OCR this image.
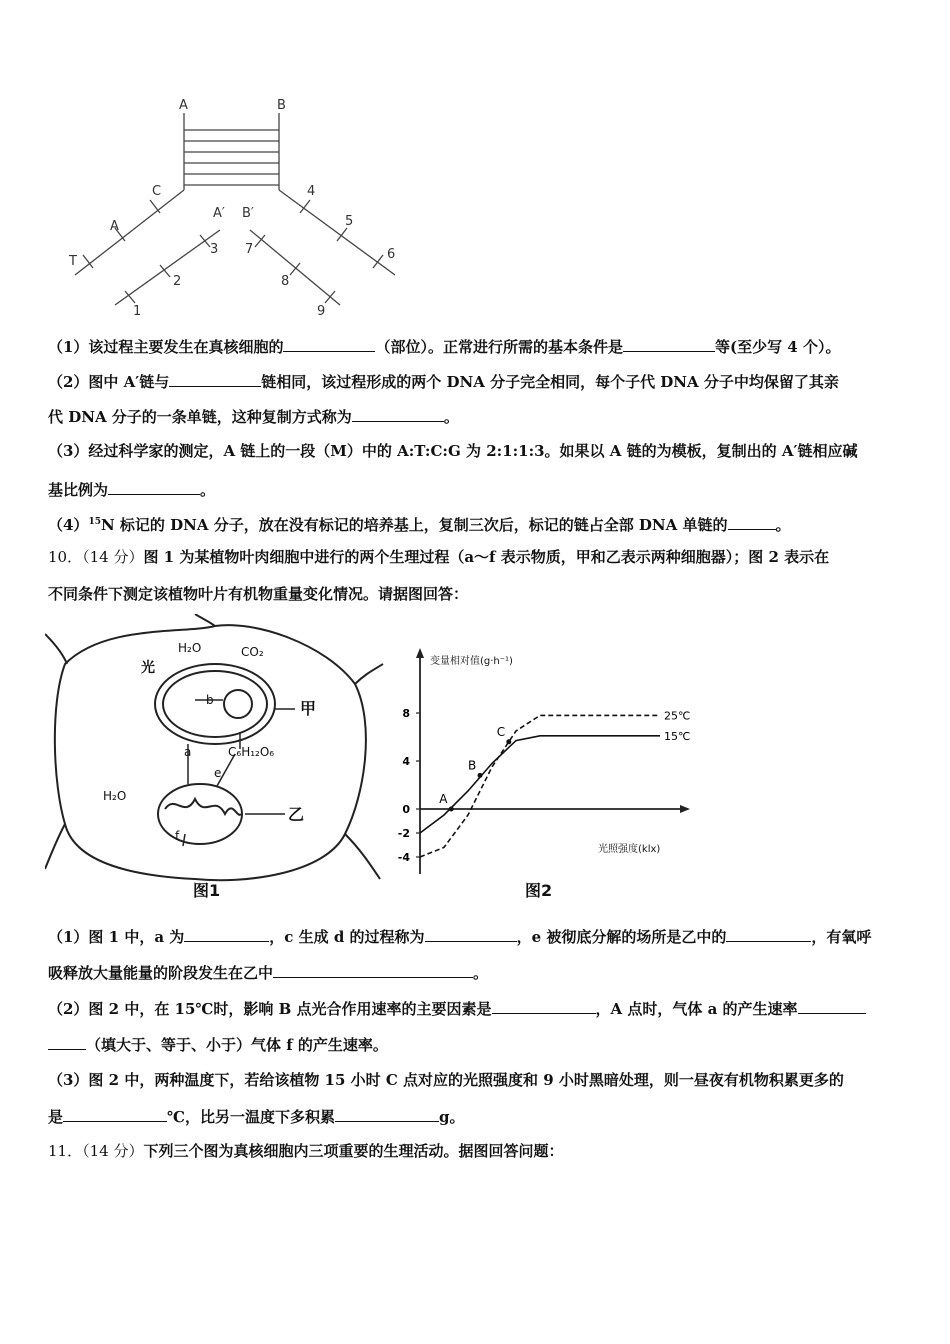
A	B
A′ B′
C
A
T
4
5
6
3
2
1
7
8
9
（1）该过程主要发生在真核细胞的	（部位）。正常进行所需的基本条件是	等(至少写 4 个）。
（2）图中 A′链与	链相同，该过程形成的两个 DNA 分子完全相同，每个子代 DNA 分子中均保留了其亲
代 DNA 分子的一条单链，这种复制方式称为	。
（3）经过科学家的测定，A 链上的一段（M）中的 A:T:C:G 为 2:1:1:3。如果以 A 链的为模板，复制出的 A′链相应碱
基比例为	。
$(4)^{15}N$ 标记的 DNA 分子，放在没有标记的培养基上，复制三次后，标记的链占全部 DNA 单链的	。
10．（14 分）图 1 为某植物叶肉细胞中进行的两个生理过程（a～f 表示物质，甲和乙表示两种细胞器）；图 2 表示在
不同条件下测定该植物叶片有机物重量变化情况。请据图回答：
光
H₂O	CO₂
b
a	C₆H₁₂O₆
e
H₂O
f
甲
乙
图1
变量相对值(g·h⁻¹)
光照强度(klx)
8
4
0
-2
-4
25℃
15℃
A
B
C
图2
（1）图 1 中，a 为	，c 生成 d 的过程称为	，e 被彻底分解的场所是乙中的	，有氧呼
吸释放大量能量的阶段发生在乙中	。
（2）图 2 中，在 15℃时，影响 B 点光合作用速率的主要因素是	，A 点时，气体 a 的产生速率
（填大于、等于、小于）气体 f 的产生速率。
（3）图 2 中，两种温度下，若给该植物 15 小时 C 点对应的光照强度和 9 小时黑暗处理，则一昼夜有机物积累更多的
是	℃，比另一温度下多积累	g。
11．（14 分）下列三个图为真核细胞内三项重要的生理活动。据图回答问题：
